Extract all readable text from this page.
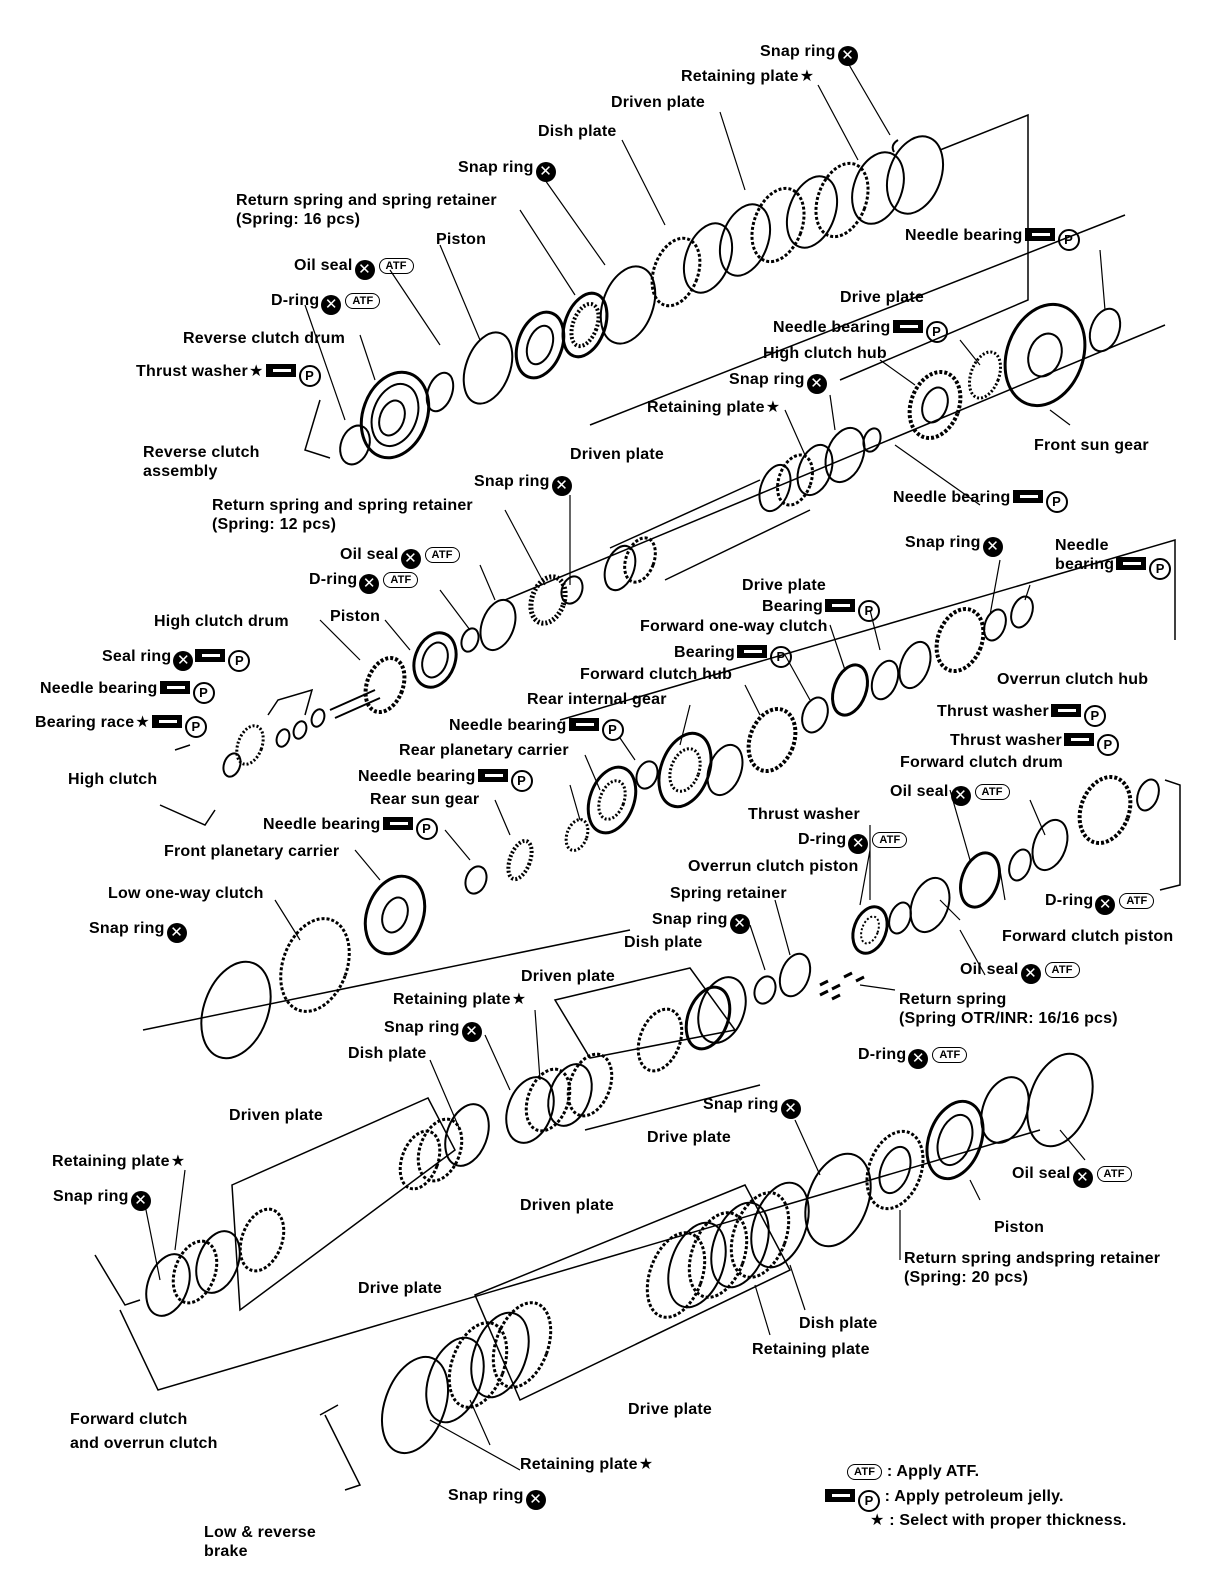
Snap ring ✕
Retaining plate★
Driven plate
Dish plate
Snap ring ✕
Return spring and spring retainer
(Spring: 16 pcs)
Needle bearing	P
Piston
Oil seal ✕ ATF
D-ring ✕ ATF	Drive plate
Reverse clutch drum
Needle bearing	P
Thrust washer★	P
High clutch hub
Snap ring ✕
Retaining plate★
Reverse clutch
assembly
Front sun gear
Driven plate
Snap ring ✕
Needle bearing	P
Return spring and spring retainer
(Spring: 12 pcs)
Snap ring ✕	Needle
bearing	P
Oil seal ✕ ATF
D-ring ✕ ATF	Drive plate
Bearing	P
Forward one-way clutch
High clutch drum	Piston
Bearing	P
Seal ring ✕	P
Forward clutch hub	Overrun clutch hub
Needle bearing	P	Rear internal gear
Thrust washer	P
Bearing race★	P	Needle bearing	P
Thrust washer	P
Rear planetary carrier
Forward clutch drum
High clutch	Needle bearing	P
Rear sun gear
Thrust washer
Oil seal ✕ ATF
Needle bearing	P
D-ring ✕ ATF
Front planetary carrier
Overrun clutch piston
Low one-way clutch	Spring retainer	D-ring ✕ ATF
Snap ring ✕
Snap ring ✕	Forward clutch piston
Dish plate
Driven plate	Oil seal ✕ ATF
Retaining plate★	Return spring
(Spring OTR/INR: 16/16 pcs)
Snap ring ✕
Dish plate	D-ring ✕ ATF
Driven plate
Snap ring ✕
Drive plate
Retaining plate★
Oil seal ✕ ATF
Snap ring ✕	Driven plate
Piston
Return spring andspring retainer
(Spring: 20 pcs)
Drive plate
Dish plate
Retaining plate
Drive plate
Forward clutch
and overrun clutch
Retaining plate★
Snap ring ✕
Low & reverse
brake
ATF : Apply ATF.
P : Apply petroleum jelly.
★ : Select with proper thickness.
